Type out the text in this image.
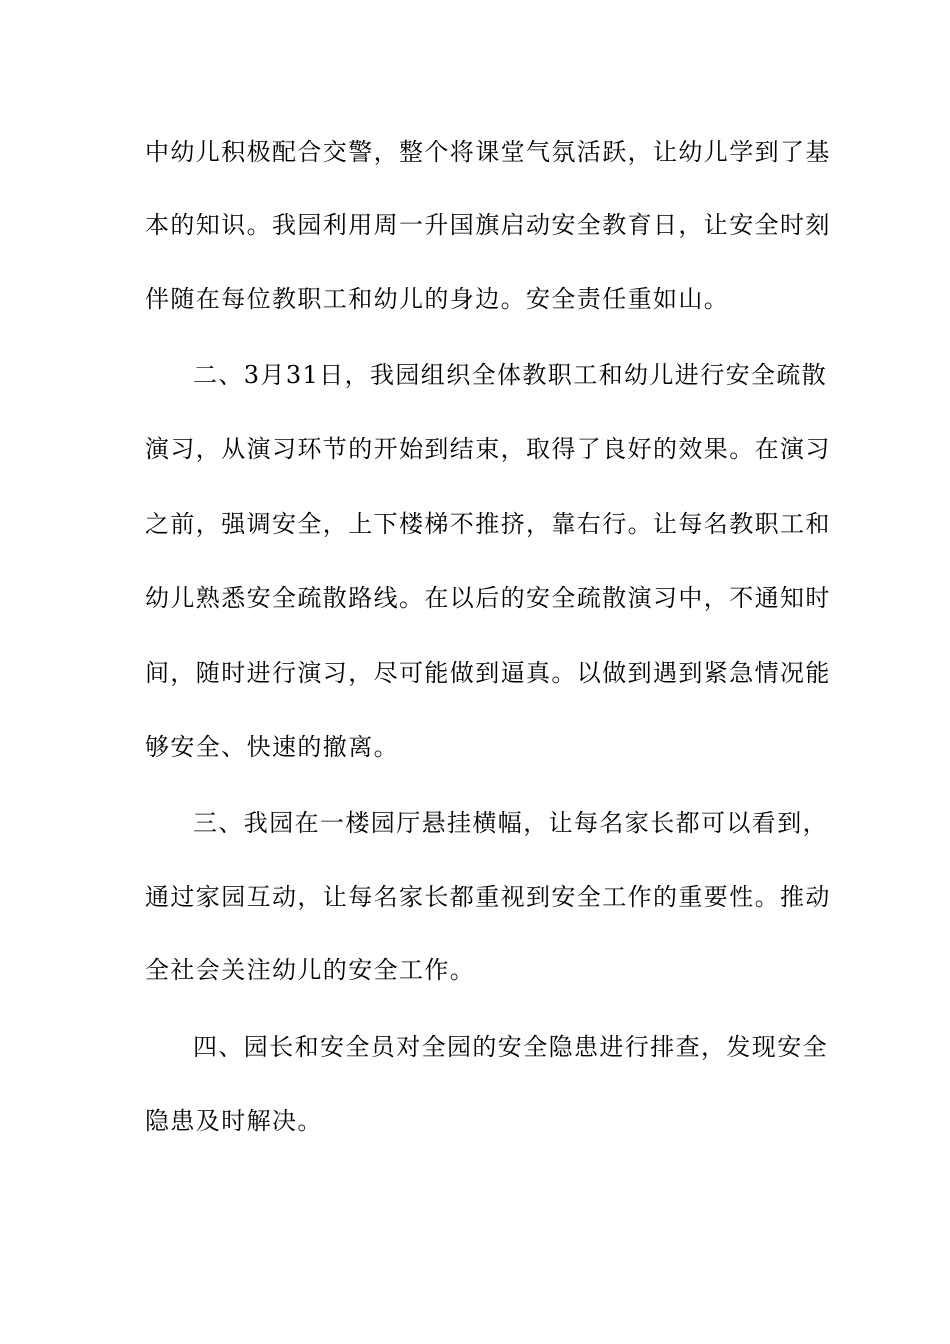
中幼儿积极配合交警，整个将课堂气氛活跃，让幼儿学到了基
本的知识。我园利用周一升国旗启动安全教育日，让安全时刻
伴随在每位教职工和幼儿的身边。安全责任重如山。
二、3月31日，我园组织全体教职工和幼儿进行安全疏散
演习，从演习环节的开始到结束，取得了良好的效果。在演习
之前，强调安全，上下楼梯不推挤，靠右行。让每名教职工和
幼儿熟悉安全疏散路线。在以后的安全疏散演习中，不通知时
间，随时进行演习，尽可能做到逼真。以做到遇到紧急情况能
够安全、快速的撤离。
三、我园在一楼园厅悬挂横幅，让每名家长都可以看到，
通过家园互动，让每名家长都重视到安全工作的重要性。推动
全社会关注幼儿的安全工作。
四、园长和安全员对全园的安全隐患进行排查，发现安全
隐患及时解决。
